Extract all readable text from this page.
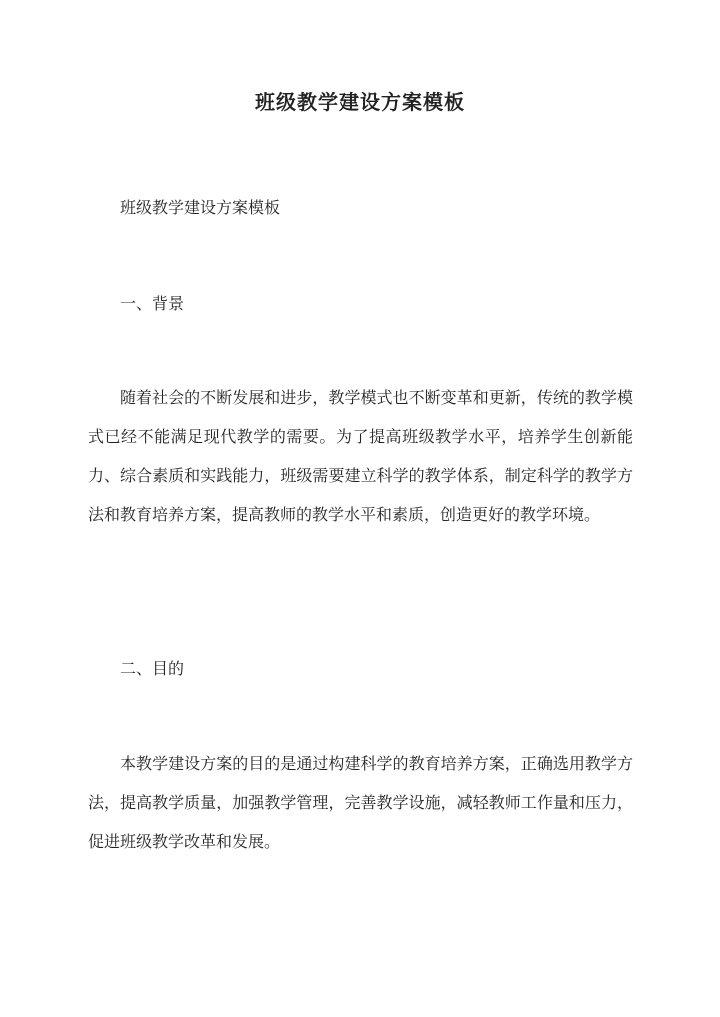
班级教学建设方案模板

班级教学建设方案模板

一、背景

随着社会的不断发展和进步，教学模式也不断变革和更新，传统的教学模式已经不能满足现代教学的需要。为了提高班级教学水平，培养学生创新能力、综合素质和实践能力，班级需要建立科学的教学体系，制定科学的教学方法和教育培养方案，提高教师的教学水平和素质，创造更好的教学环境。

二、目的

本教学建设方案的目的是通过构建科学的教育培养方案，正确选用教学方法，提高教学质量，加强教学管理，完善教学设施，减轻教师工作量和压力，促进班级教学改革和发展。
